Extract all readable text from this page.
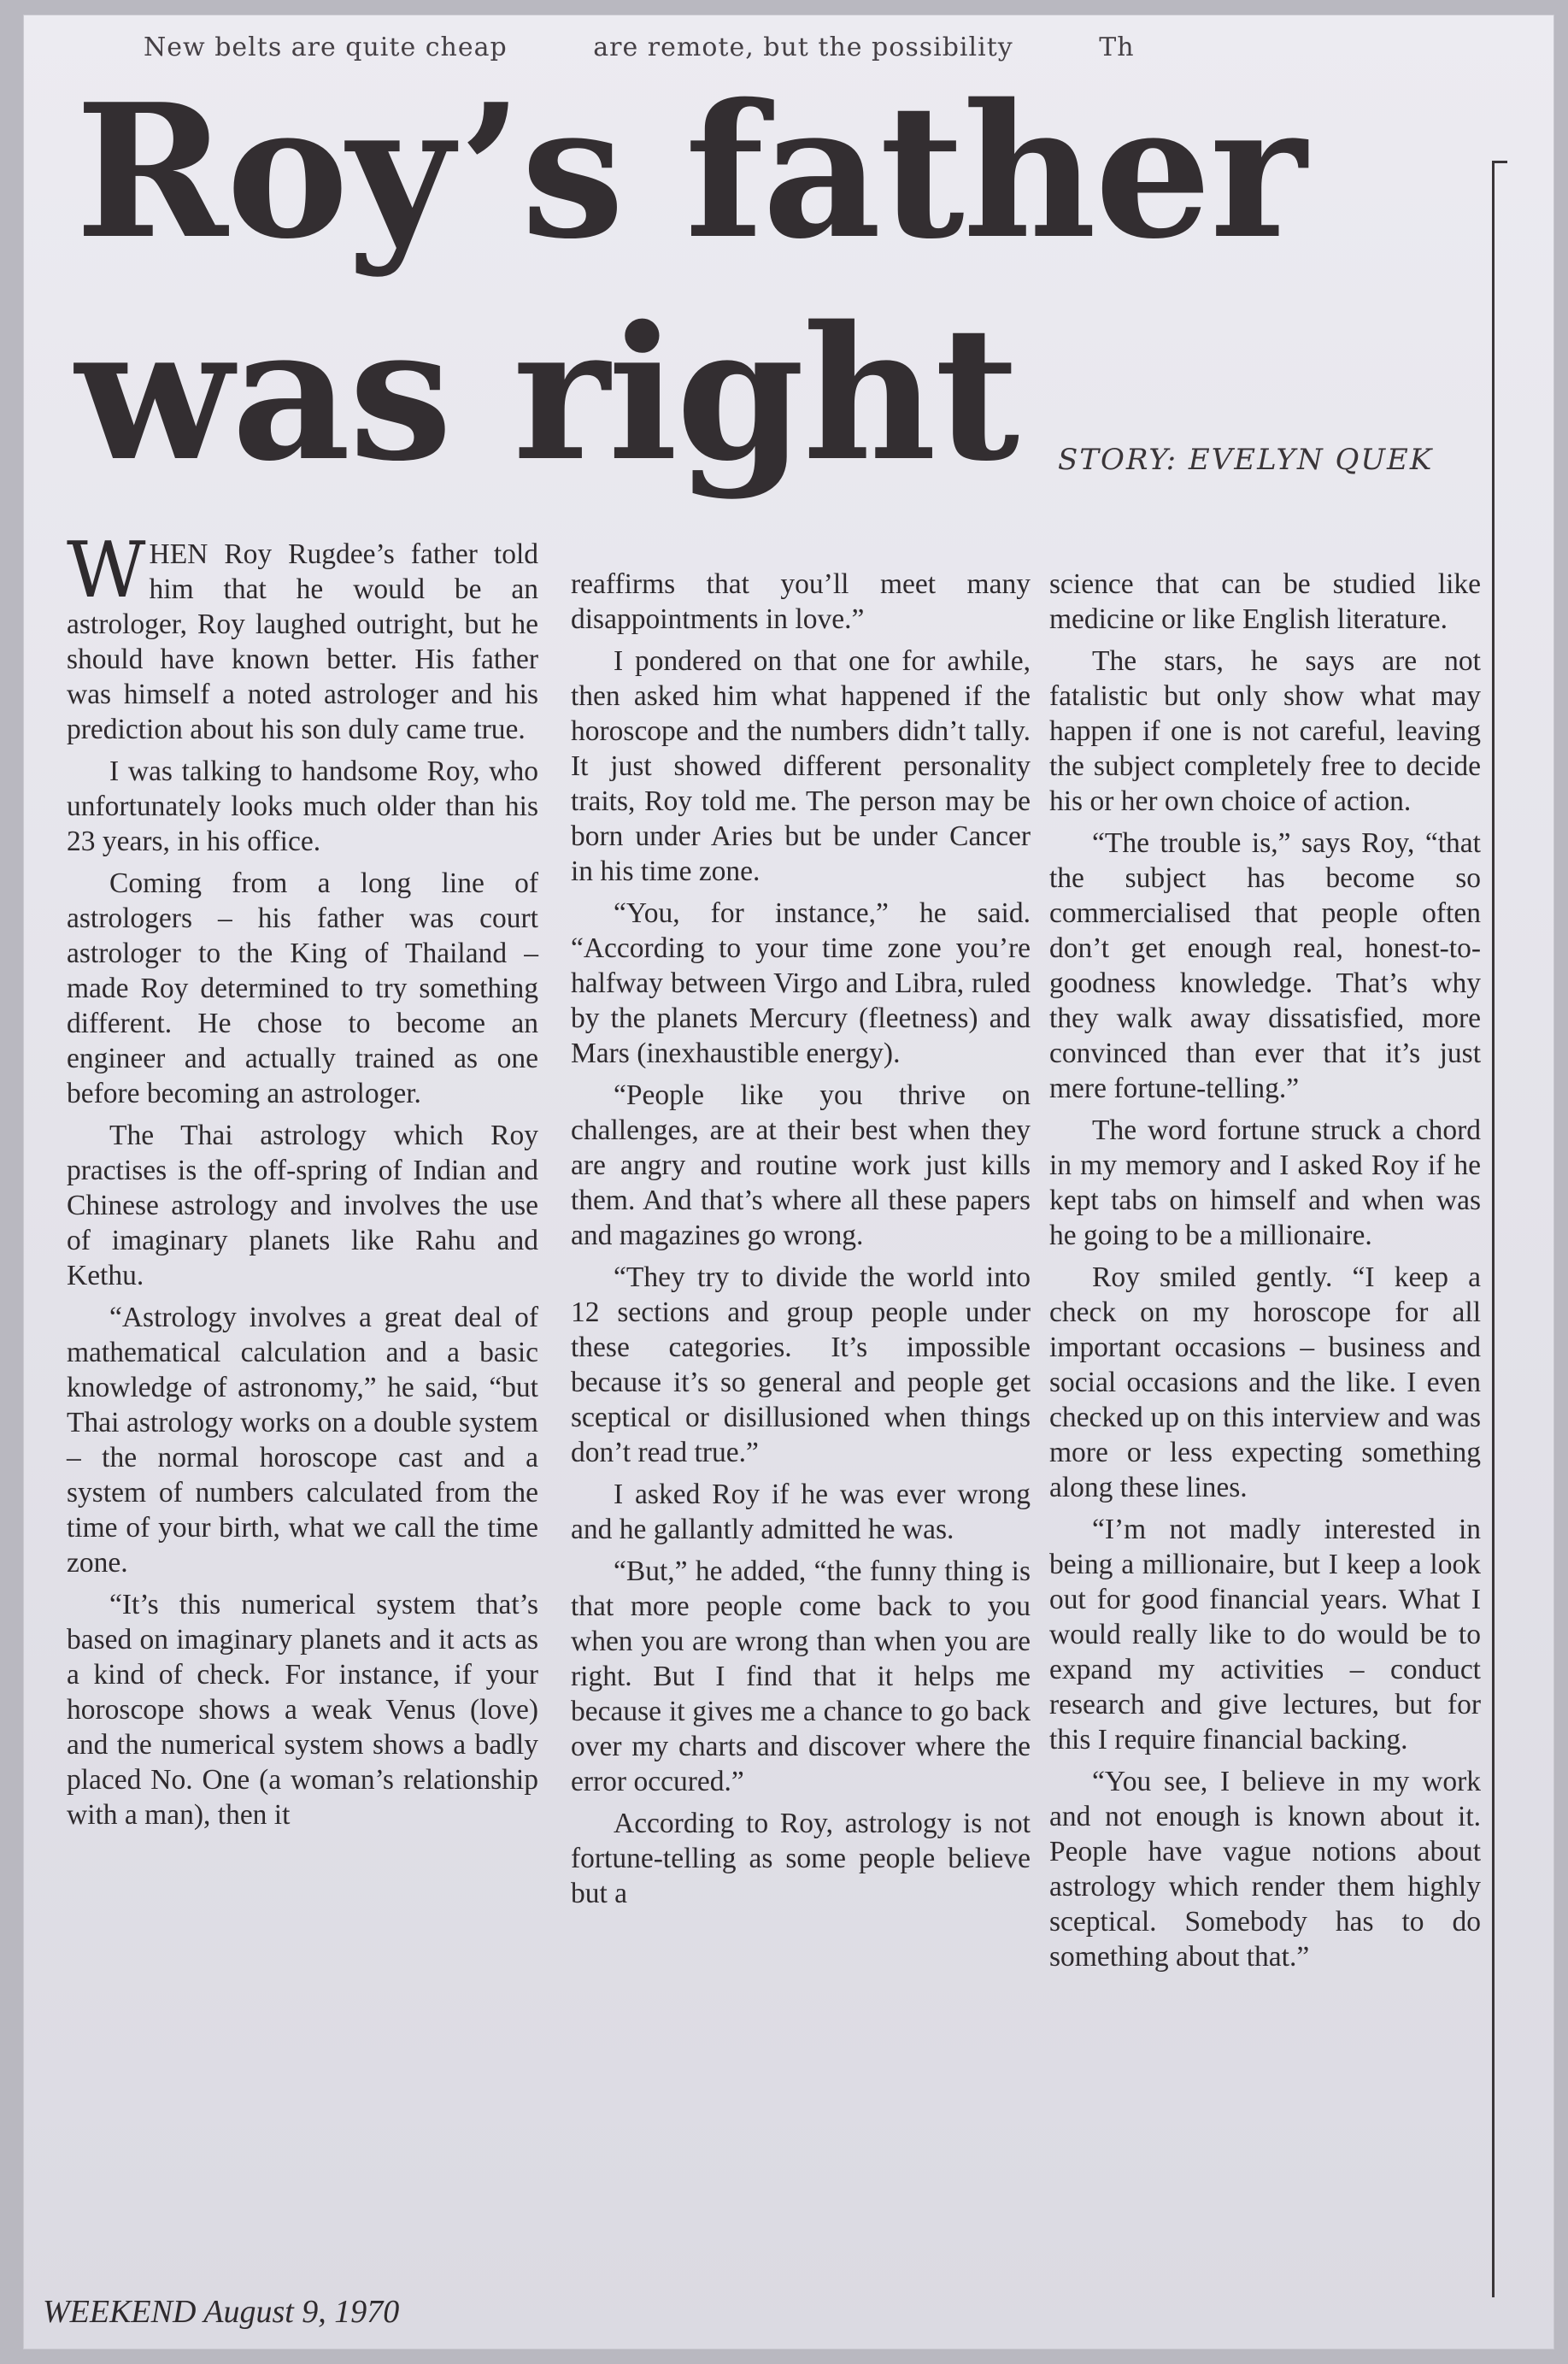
New belts are quite cheap	are remote, but the possibility	Th
Roy’s father
was right STORY: EVELYN QUEK

WHEN Roy Rugdee’s father told him that he would be an astrologer, Roy laughed outright, but he should have known better. His father was himself a noted astrologer and his prediction about his son duly came true.

I was talking to handsome Roy, who unfortunately looks much older than his 23 years, in his office.

Coming from a long line of astrologers – his father was court astrologer to the King of Thailand – made Roy determined to try something different. He chose to become an engineer and actually trained as one before becoming an astrologer.

The Thai astrology which Roy practises is the off-spring of Indian and Chinese astrology and involves the use of imaginary planets like Rahu and Kethu.

“Astrology involves a great deal of mathematical calculation and a basic knowledge of astronomy,” he said, “but Thai astrology works on a double system – the normal horoscope cast and a system of numbers calculated from the time of your birth, what we call the time zone.

“It’s this numerical system that’s based on imaginary planets and it acts as a kind of check. For instance, if your horoscope shows a weak Venus (love) and the numerical system shows a badly placed No. One (a woman’s relationship with a man), then it

reaffirms that you’ll meet many disappointments in love.”

I pondered on that one for awhile, then asked him what happened if the horoscope and the numbers didn’t tally. It just showed different personality traits, Roy told me. The person may be born under Aries but be under Cancer in his time zone.

“You, for instance,” he said. “According to your time zone you’re halfway between Virgo and Libra, ruled by the planets Mercury (fleetness) and Mars (inexhaustible energy).

“People like you thrive on challenges, are at their best when they are angry and routine work just kills them. And that’s where all these papers and magazines go wrong.

“They try to divide the world into 12 sections and group people under these categories. It’s impossible because it’s so general and people get sceptical or disillusioned when things don’t read true.”

I asked Roy if he was ever wrong and he gallantly admitted he was.

“But,” he added, “the funny thing is that more people come back to you when you are wrong than when you are right. But I find that it helps me because it gives me a chance to go back over my charts and discover where the error occured.”

According to Roy, astrology is not fortune-telling as some people believe but a

science that can be studied like medicine or like English literature.

The stars, he says are not fatalistic but only show what may happen if one is not careful, leaving the subject completely free to decide his or her own choice of action.

“The trouble is,” says Roy, “that the subject has become so commercialised that people often don’t get enough real, honest-to-goodness knowledge. That’s why they walk away dissatisfied, more convinced than ever that it’s just mere fortune-telling.”

The word fortune struck a chord in my memory and I asked Roy if he kept tabs on himself and when was he going to be a millionaire.

Roy smiled gently. “I keep a check on my horoscope for all important occasions – business and social occasions and the like. I even checked up on this interview and was more or less expecting something along these lines.

“I’m not madly interested in being a millionaire, but I keep a look out for good financial years. What I would really like to do would be to expand my activities – conduct research and give lectures, but for this I require financial backing.

“You see, I believe in my work and not enough is known about it. People have vague notions about astrology which render them highly sceptical. Somebody has to do something about that.”

WEEKEND August 9, 1970
